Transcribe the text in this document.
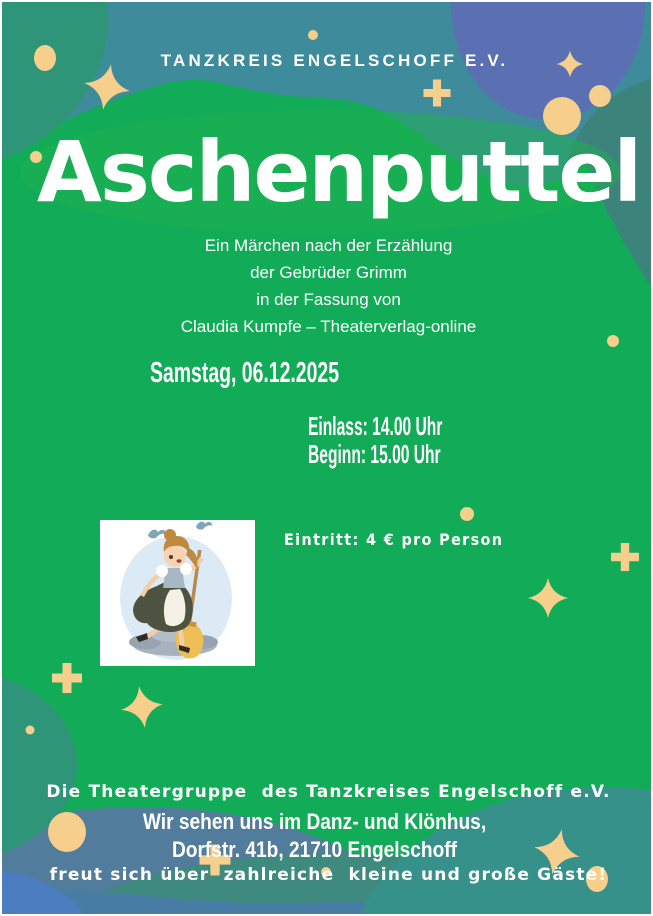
TANZKREIS ENGELSCHOFF E.V.
Aschenputtel
Ein Märchen nach der Erzählung
der Gebrüder Grimm
in der Fassung von
Claudia Kumpfe – Theaterverlag-online
Samstag, 06.12.2025
Einlass: 14.00 Uhr
Beginn: 15.00 Uhr
Eintritt: 4 € pro Person

Die Theatergruppe  des Tanzkreises Engelschoff e.V.

freut sich über  zahlreiche  kleine und große Gäste!

Wir sehen uns im Danz- und Klönhus,
Dorfstr. 41b, 21710 Engelschoff
